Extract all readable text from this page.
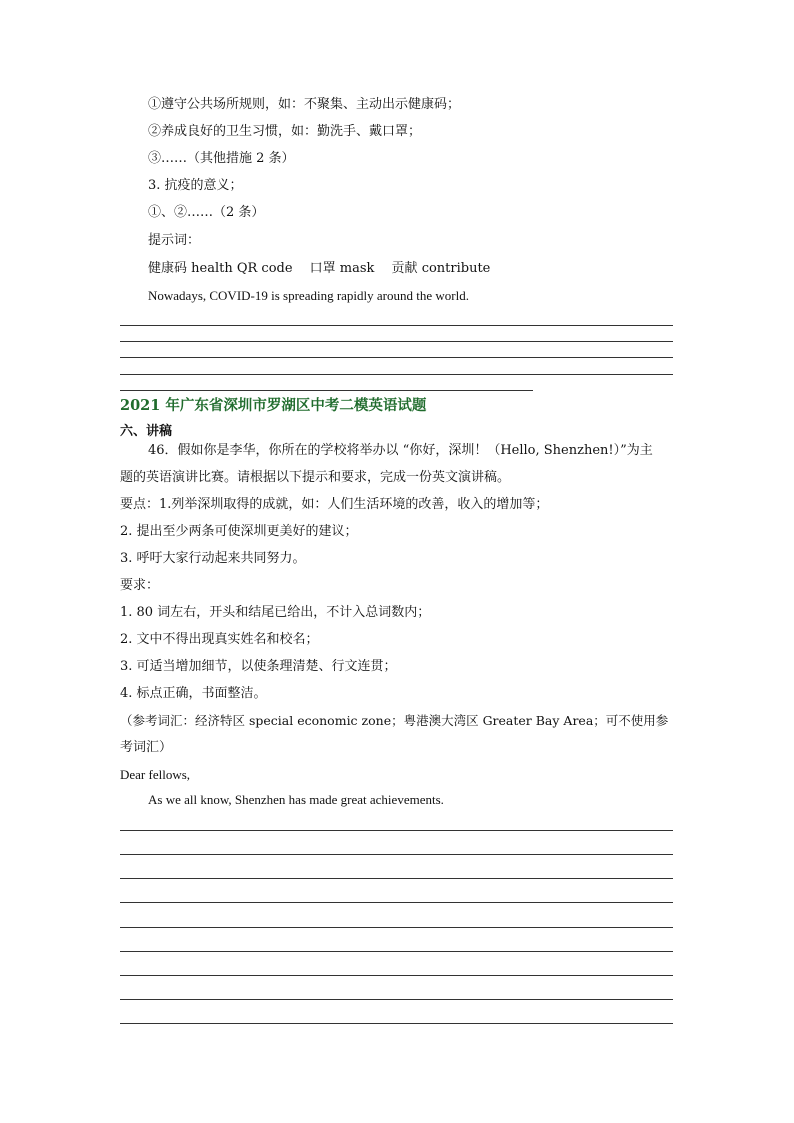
①遵守公共场所规则，如：不聚集、主动出示健康码；
②养成良好的卫生习惯，如：勤洗手、戴口罩；
③……（其他措施 2 条）
3. 抗疫的意义；
①、②……（2 条）
提示词：
健康码 health QR code　 口罩 mask　 贡献 contribute
Nowadays, COVID-19 is spreading rapidly around the world.
2021 年广东省深圳市罗湖区中考二模英语试题
六、讲稿
46．假如你是李华，你所在的学校将举办以 “你好，深圳！（Hello, Shenzhen!）”为主
题的英语演讲比赛。请根据以下提示和要求，完成一份英文演讲稿。
要点：1.列举深圳取得的成就，如：人们生活环境的改善，收入的增加等；
2. 提出至少两条可使深圳更美好的建议；
3. 呼吁大家行动起来共同努力。
要求：
1. 80 词左右，开头和结尾已给出，不计入总词数内；
2. 文中不得出现真实姓名和校名；
3. 可适当增加细节，以使条理清楚、行文连贯；
4. 标点正确，书面整洁。
（参考词汇：经济特区 special economic zone；粤港澳大湾区 Greater Bay Area；可不使用参
考词汇）
Dear fellows,
As we all know, Shenzhen has made great achievements.
